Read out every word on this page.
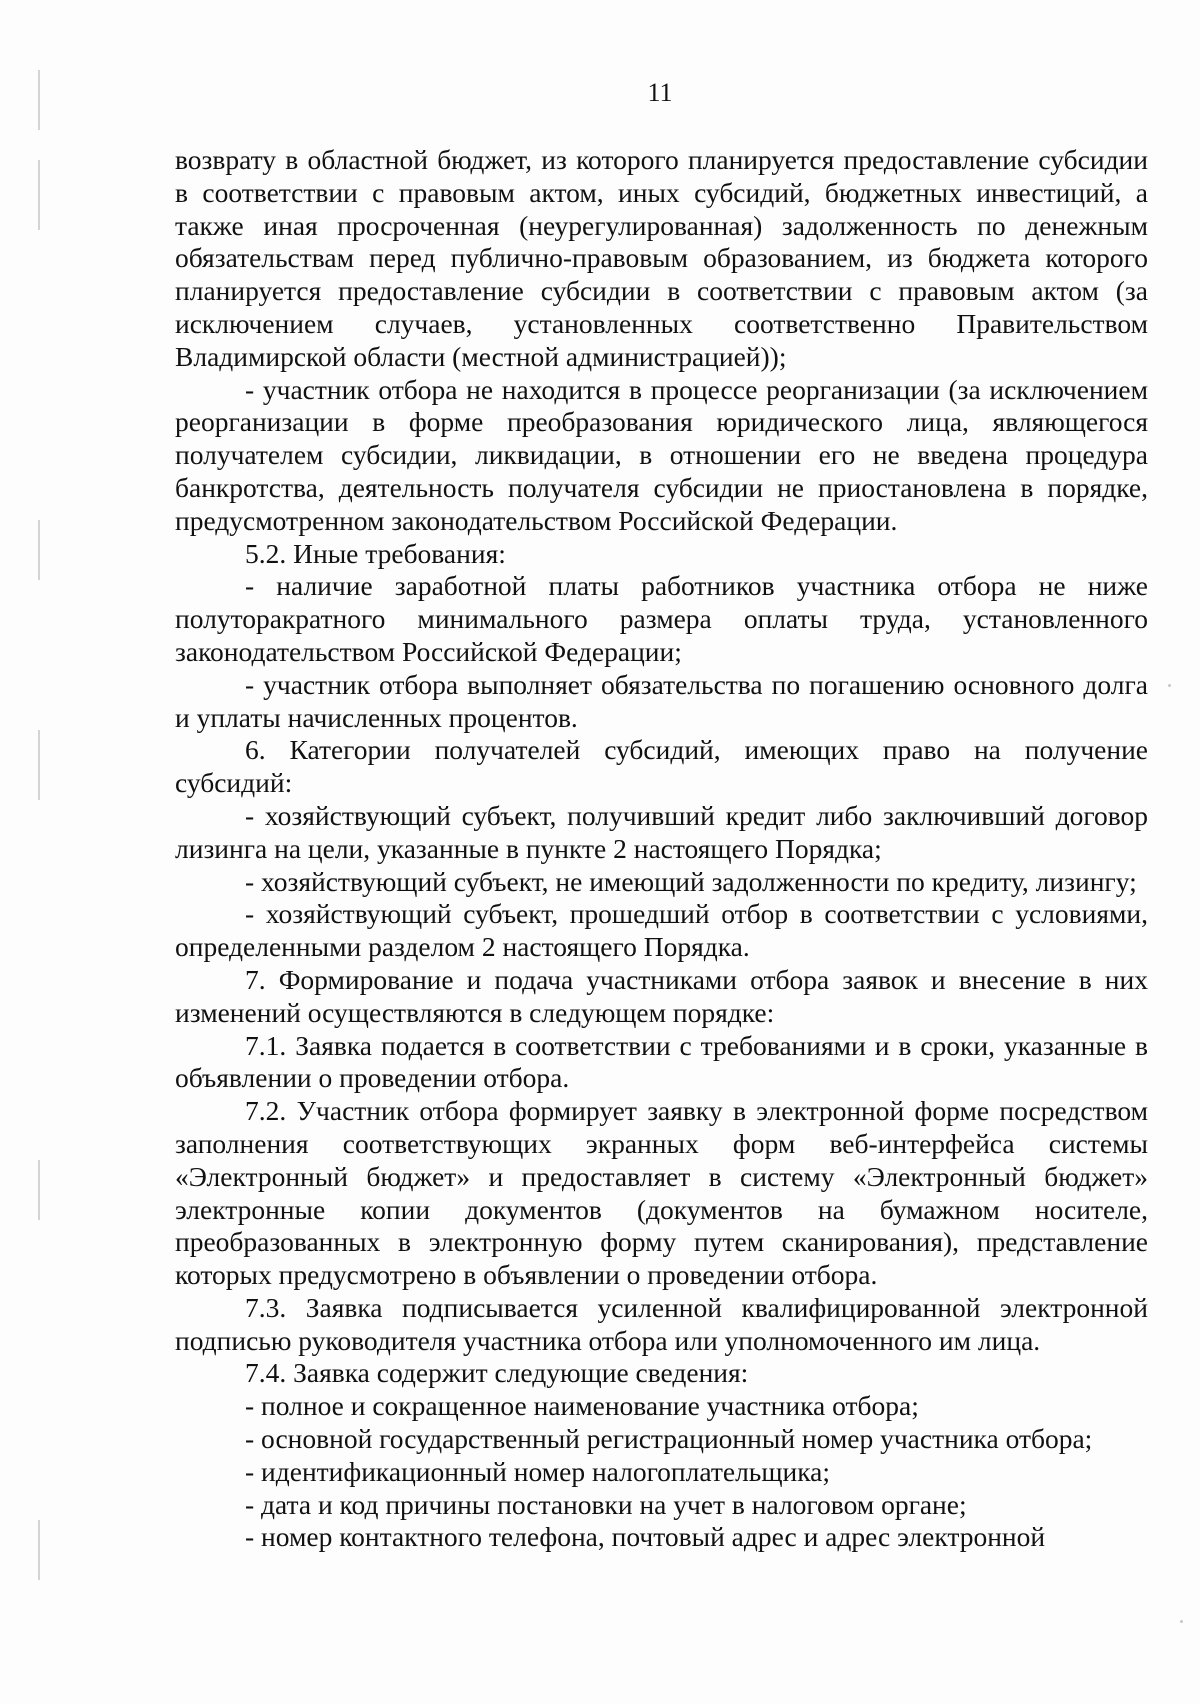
11

возврату в областной бюджет, из которого планируется предоставление субсидии в соответствии с правовым актом, иных субсидий, бюджетных инвестиций, а также иная просроченная (неурегулированная) задолженность по денежным обязательствам перед публично-правовым образованием, из бюджета которого планируется предоставление субсидии в соответствии с правовым актом (за исключением случаев, установленных соответственно Правительством Владимирской области (местной администрацией));

- участник отбора не находится в процессе реорганизации (за исключением реорганизации в форме преобразования юридического лица, являющегося получателем субсидии, ликвидации, в отношении его не введена процедура банкротства, деятельность получателя субсидии не приостановлена в порядке, предусмотренном законодательством Российской Федерации.

5.2. Иные требования:

- наличие заработной платы работников участника отбора не ниже полуторакратного минимального размера оплаты труда, установленного законодательством Российской Федерации;

- участник отбора выполняет обязательства по погашению основного долга и уплаты начисленных процентов.

6. Категории получателей субсидий, имеющих право на получение субсидий:

- хозяйствующий субъект, получивший кредит либо заключивший договор лизинга на цели, указанные в пункте 2 настоящего Порядка;

- хозяйствующий субъект, не имеющий задолженности по кредиту, лизингу;

- хозяйствующий субъект, прошедший отбор в соответствии с условиями, определенными разделом 2 настоящего Порядка.

7. Формирование и подача участниками отбора заявок и внесение в них изменений осуществляются в следующем порядке:

7.1. Заявка подается в соответствии с требованиями и в сроки, указанные в объявлении о проведении отбора.

7.2. Участник отбора формирует заявку в электронной форме посредством заполнения соответствующих экранных форм веб-интерфейса системы «Электронный бюджет» и предоставляет в систему «Электронный бюджет» электронные копии документов (документов на бумажном носителе, преобразованных в электронную форму путем сканирования), представление которых предусмотрено в объявлении о проведении отбора.

7.3. Заявка подписывается усиленной квалифицированной электронной подписью руководителя участника отбора или уполномоченного им лица.

7.4. Заявка содержит следующие сведения:

- полное и сокращенное наименование участника отбора;

- основной государственный регистрационный номер участника отбора;

- идентификационный номер налогоплательщика;

- дата и код причины постановки на учет в налоговом органе;

- номер контактного телефона, почтовый адрес и адрес электронной
